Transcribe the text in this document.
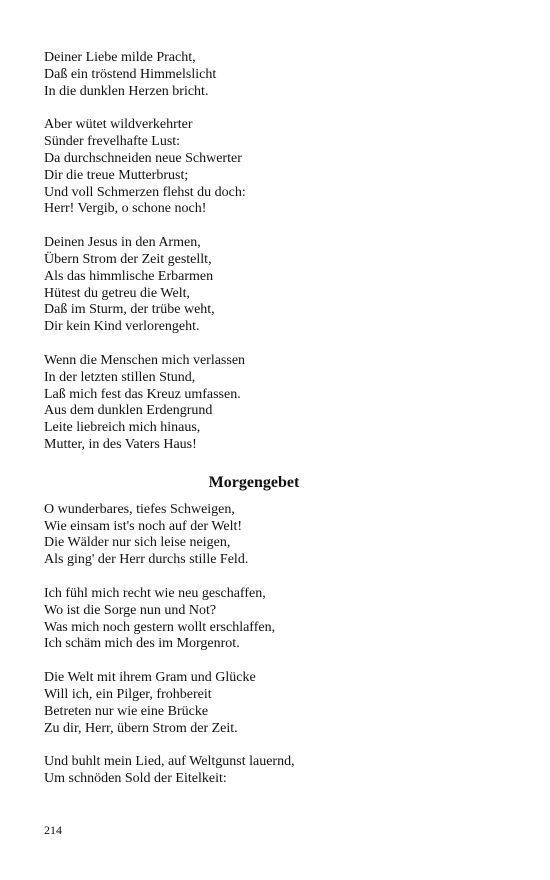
Deiner Liebe milde Pracht,
Daß ein tröstend Himmelslicht
In die dunklen Herzen bricht.
Aber wütet wildverkehrter
Sünder frevelhafte Lust:
Da durchschneiden neue Schwerter
Dir die treue Mutterbrust;
Und voll Schmerzen flehst du doch:
Herr! Vergib, o schone noch!
Deinen Jesus in den Armen,
Übern Strom der Zeit gestellt,
Als das himmlische Erbarmen
Hütest du getreu die Welt,
Daß im Sturm, der trübe weht,
Dir kein Kind verlorengeht.
Wenn die Menschen mich verlassen
In der letzten stillen Stund,
Laß mich fest das Kreuz umfassen.
Aus dem dunklen Erdengrund
Leite liebreich mich hinaus,
Mutter, in des Vaters Haus!
Morgengebet
O wunderbares, tiefes Schweigen,
Wie einsam ist's noch auf der Welt!
Die Wälder nur sich leise neigen,
Als ging' der Herr durchs stille Feld.
Ich fühl mich recht wie neu geschaffen,
Wo ist die Sorge nun und Not?
Was mich noch gestern wollt erschlaffen,
Ich schäm mich des im Morgenrot.
Die Welt mit ihrem Gram und Glücke
Will ich, ein Pilger, frohbereit
Betreten nur wie eine Brücke
Zu dir, Herr, übern Strom der Zeit.
Und buhlt mein Lied, auf Weltgunst lauernd,
Um schnöden Sold der Eitelkeit:
214
